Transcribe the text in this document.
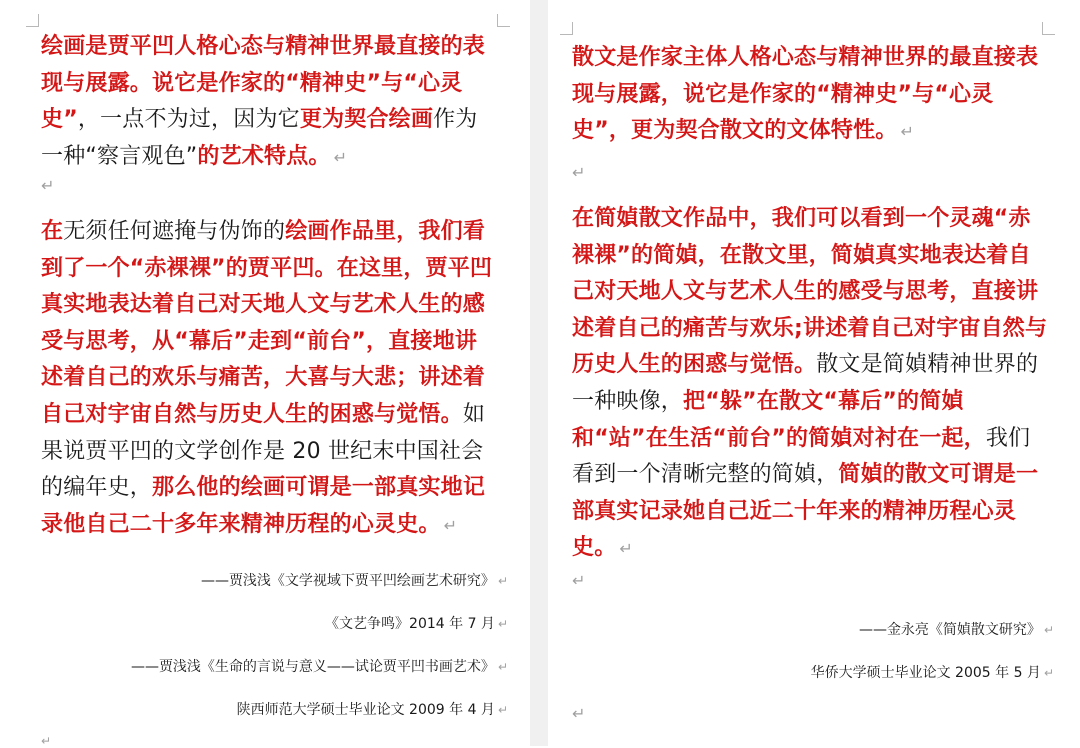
绘画是贾平凹人格心态与精神世界最直接的表现与展露。说它是作家的“精神史”与“心灵史”，一点不为过，因为它更为契合绘画作为一种“察言观色”的艺术特点。 ↵
↵
在无须任何遮掩与伪饰的绘画作品里，我们看到了一个“赤裸裸”的贾平凹。在这里，贾平凹真实地表达着自己对天地人文与艺术人生的感受与思考，从“幕后”走到“前台”，直接地讲述着自己的欢乐与痛苦，大喜与大悲；讲述着自己对宇宙自然与历史人生的困惑与觉悟。如果说贾平凹的文学创作是 20 世纪末中国社会的编年史，那么他的绘画可谓是一部真实地记录他自己二十多年来精神历程的心灵史。 ↵
——贾浅浅《文学视域下贾平凹绘画艺术研究》 ↵
《文艺争鸣》2014 年 7 月 ↵
——贾浅浅《生命的言说与意义——试论贾平凹书画艺术》 ↵
陕西师范大学硕士毕业论文 2009 年 4 月 ↵
↵
散文是作家主体人格心态与精神世界的最直接表现与展露，说它是作家的“精神史”与“心灵史”，更为契合散文的文体特性。 ↵
↵
在简媜散文作品中，我们可以看到一个灵魂“赤裸裸”的简媜，在散文里，简媜真实地表达着自己对天地人文与艺术人生的感受与思考，直接讲述着自己的痛苦与欢乐;讲述着自己对宇宙自然与历史人生的困惑与觉悟。散文是简媜精神世界的一种映像，把“躲”在散文“幕后”的简媜和“站”在生活“前台”的简媜对衬在一起，我们看到一个清晰完整的简媜，简媜的散文可谓是一部真实记录她自己近二十年来的精神历程心灵史。 ↵
↵
——金永亮《简媜散文研究》 ↵
华侨大学硕士毕业论文 2005 年 5 月 ↵
↵
